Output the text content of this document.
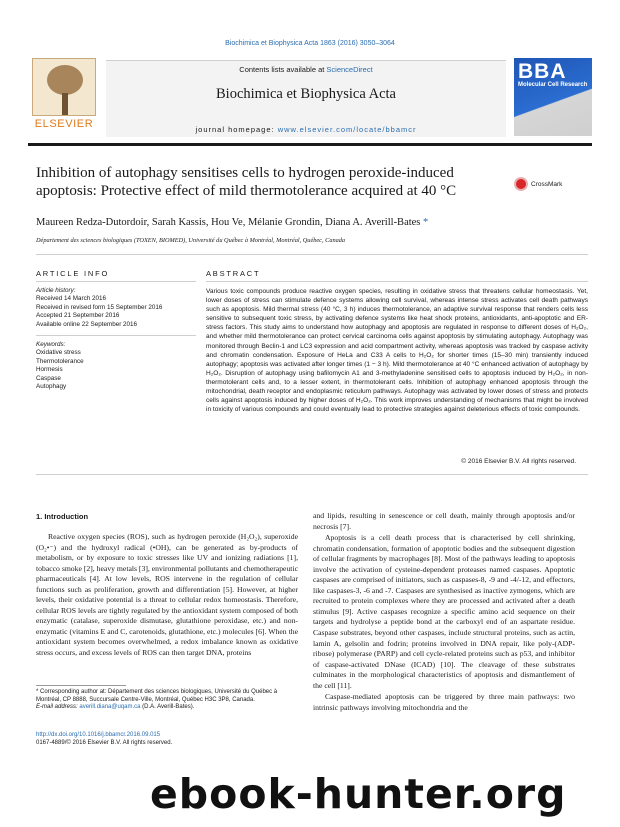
Biochimica et Biophysica Acta 1863 (2016) 3050–3064
ELSEVIER
Contents lists available at ScienceDirect
Biochimica et Biophysica Acta
journal homepage: www.elsevier.com/locate/bbamcr
BBA
Molecular Cell Research
Inhibition of autophagy sensitises cells to hydrogen peroxide-induced apoptosis: Protective effect of mild thermotolerance acquired at 40 °C	CrossMark
Maureen Redza-Dutordoir, Sarah Kassis, Hou Ve, Mélanie Grondin, Diana A. Averill-Bates *
Département des sciences biologiques (TOXEN, BIOMED), Université du Québec à Montréal, Montréal, Québec, Canada
ARTICLE INFO	ABSTRACT
Article history:
Received 14 March 2016
Received in revised form 15 September 2016
Accepted 21 September 2016
Available online 22 September 2016
Keywords:
Oxidative stress
Thermotolerance
Hormesis
Caspase
Autophagy
Various toxic compounds produce reactive oxygen species, resulting in oxidative stress that threatens cellular homeostasis. Yet, lower doses of stress can stimulate defence systems allowing cell survival, whereas intense stress activates cell death pathways such as apoptosis. Mild thermal stress (40 °C, 3 h) induces thermotolerance, an adaptive survival response that renders cells less sensitive to subsequent toxic stress, by activating defence systems like heat shock proteins, antioxidants, anti-apoptotic and ER-stress factors. This study aims to understand how autophagy and apoptosis are regulated in response to different doses of H₂O₂, and whether mild thermotolerance can protect cervical carcinoma cells against apoptosis by stimulating autophagy. Autophagy was monitored through Beclin-1 and LC3 expression and acid compartment activity, whereas apoptosis was tracked by caspase activity and chromatin condensation. Exposure of HeLa and C33 A cells to H₂O₂ for shorter times (15–30 min) transiently induced autophagy; apoptosis was activated after longer times (1 − 3 h). Mild thermotolerance at 40 °C enhanced activation of autophagy by H₂O₂. Disruption of autophagy using bafilomycin A1 and 3-methyladenine sensitised cells to apoptosis induced by H₂O₂, in non-thermotolerant cells and, to a lesser extent, in thermotolerant cells. Inhibition of autophagy enhanced apoptosis through the mitochondrial, death receptor and endoplasmic reticulum pathways. Autophagy was activated by lower doses of stress and protects cells against apoptosis induced by higher doses of H₂O₂. This work improves understanding of mechanisms that might be involved in toxicity of various compounds and could eventually lead to protective strategies against deleterious effects of toxic compounds.
© 2016 Elsevier B.V. All rights reserved.
1. Introduction

Reactive oxygen species (ROS), such as hydrogen peroxide (H₂O₂), superoxide (O₂•⁻) and the hydroxyl radical (•OH), can be generated as by-products of metabolism, or by exposure to toxic stresses like UV and ionizing radiations [1], tobacco smoke [2], heavy metals [3], environmental pollutants and chemotherapeutic pharmaceuticals [4]. At low levels, ROS intervene in the regulation of cellular functions such as proliferation, growth and differentiation [5]. However, at higher levels, their oxidative potential is a threat to cellular redox homeostasis. Therefore, cellular ROS levels are tightly regulated by the antioxidant system composed of both enzymatic (catalase, superoxide dismutase, glutathione peroxidase, etc.) and non-enzymatic (vitamins E and C, carotenoids, glutathione, etc.) molecules [6]. When the antioxidant system becomes overwhelmed, a redox imbalance known as oxidative stress occurs, and excess levels of ROS can then target DNA, proteins

and lipids, resulting in senescence or cell death, mainly through apoptosis and/or necrosis [7].

Apoptosis is a cell death process that is characterised by cell shrinking, chromatin condensation, formation of apoptotic bodies and the subsequent digestion of cellular fragments by macrophages [8]. Most of the pathways leading to apoptosis involve the activation of cysteine-dependent proteases named caspases. Apoptotic caspases are comprised of initiators, such as caspases-8, -9 and -4/-12, and effectors, like caspases-3, -6 and -7. Caspases are synthesised as inactive zymogens, which are recruited to protein complexes where they are processed and activated after a death stimulus [9]. Active caspases recognize a specific amino acid sequence on their targets and hydrolyse a peptide bond at the carboxyl end of an aspartate residue. Caspase substrates, beyond other caspases, include structural proteins, such as actin, lamin A, gelsolin and fodrin; proteins involved in DNA repair, like poly-(ADP-ribose) polymerase (PARP) and cell cycle-related proteins such as p53, and inhibitor of caspase-activated DNase (ICAD) [10]. The cleavage of these substrates culminates in the morphological characteristics of apoptosis and dismantlement of the cell [11].

Caspase-mediated apoptosis can be triggered by three main pathways: two intrinsic pathways involving mitochondria and the

* Corresponding author at: Département des sciences biologiques, Université du Québec à Montréal, CP 8888, Succursale Centre-Ville, Montréal, Québec H3C 3P8, Canada.
E-mail address: averill.diana@uqam.ca (D.A. Averill-Bates).
http://dx.doi.org/10.1016/j.bbamcr.2016.09.015
0167-4889/© 2016 Elsevier B.V. All rights reserved.
ebook-hunter.org
